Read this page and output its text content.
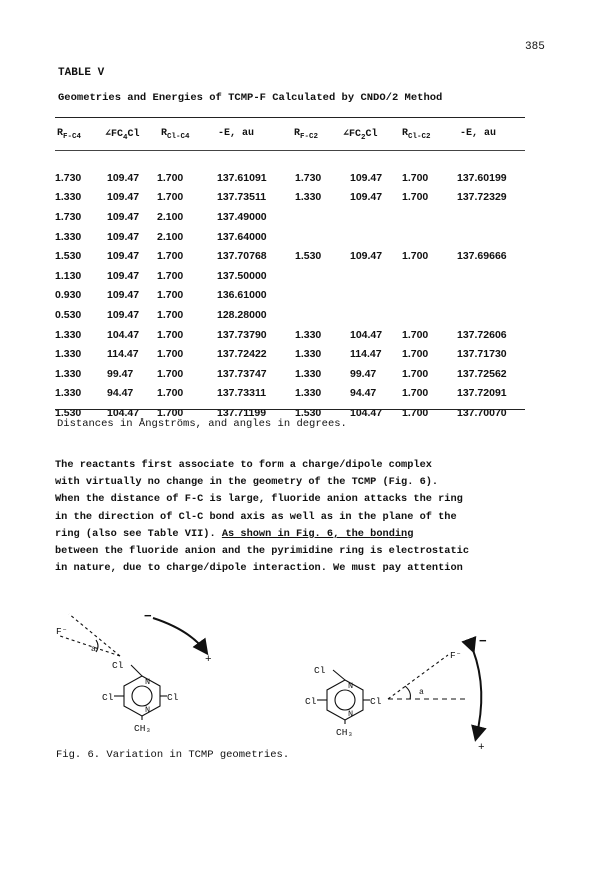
385
TABLE V
Geometries and Energies of TCMP-F Calculated by CNDO/2 Method
$R_{F-C4}$ $\angle FC_4Cl$ $R_{Cl-C4}$	-E, au	$R_{F-C2}$ $\angle FC_2Cl$ $R_{Cl-C2}$	-E, au
1.730	109.47	1.700	137.61091	1.730	109.47	1.700	137.60199
1.330	109.47	1.700	137.73511	1.330	109.47	1.700	137.72329
1.730	109.47	2.100	137.49000				
1.330	109.47	2.100	137.64000				
1.530	109.47	1.700	137.70768	1.530	109.47	1.700	137.69666
1.130	109.47	1.700	137.50000				
0.930	109.47	1.700	136.61000				
0.530	109.47	1.700	128.28000				
1.330	104.47	1.700	137.73790	1.330	104.47	1.700	137.72606
1.330	114.47	1.700	137.72422	1.330	114.47	1.700	137.71730
1.330	99.47	1.700	137.73747	1.330	99.47	1.700	137.72562
1.330	94.47	1.700	137.73311	1.330	94.47	1.700	137.72091
1.530	104.47	1.700	137.71199	1.530	104.47	1.700	137.70070
Distances in Ångströms, and angles in degrees.
The reactants first associate to form a charge/dipole complex
with virtually no change in the geometry of the TCMP (Fig. 6).
When the distance of F-C is large, fluoride anion attacks the ring
in the direction of Cl-C bond axis as well as in the plane of the
ring (also see Table VII). As shown in Fig. 6, the bonding
between the fluoride anion and the pyrimidine ring is electrostatic
in nature, due to charge/dipole interaction. We must pay attention
F⁻
a
Cl
N
Cl	Cl
N
CH₃
−
+	F⁻
a
Cl
N
Cl	Cl
N
CH₃
−
+
Fig. 6. Variation in TCMP geometries.
